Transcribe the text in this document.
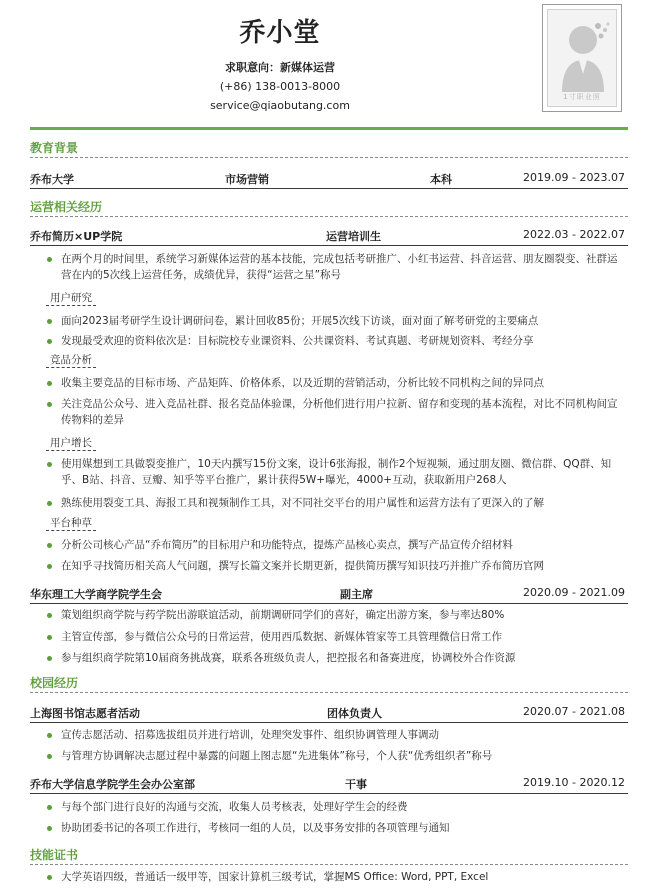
乔小堂
求职意向：新媒体运营
(+86) 138-0013-8000
service@qiaobutang.com
1寸职业照
教育背景
乔布大学	市场营销	本科	2019.09 - 2023.07
运营相关经历
乔布简历×UP学院	运营培训生	2022.03 - 2022.07
在两个月的时间里，系统学习新媒体运营的基本技能，完成包括考研推广、小红书运营、抖音运营、朋友圈裂变、社群运营在内的5次线上运营任务，成绩优异，获得“运营之星”称号
用户研究
面向2023届考研学生设计调研问卷，累计回收85份；开展5次线下访谈，面对面了解考研党的主要痛点
发现最受欢迎的资料依次是：目标院校专业课资料、公共课资料、考试真题、考研规划资料、考经分享
竞品分析
收集主要竞品的目标市场、产品矩阵、价格体系，以及近期的营销活动，分析比较不同机构之间的异同点
关注竞品公众号、进入竞品社群、报名竞品体验课，分析他们进行用户拉新、留存和变现的基本流程，对比不同机构间宣传物料的差异
用户增长
使用媒想到工具做裂变推广，10天内撰写15份文案，设计6张海报，制作2个短视频，通过朋友圈、微信群、QQ群、知乎、B站、抖音、豆瓣、知乎等平台推广，累计获得5W+曝光，4000+互动，获取新用户268人
熟练使用裂变工具、海报工具和视频制作工具，对不同社交平台的用户属性和运营方法有了更深入的了解
平台种草
分析公司核心产品“乔布简历”的目标用户和功能特点，提炼产品核心卖点，撰写产品宣传介绍材料
在知乎寻找简历相关高人气问题，撰写长篇文案并长期更新，提供简历撰写知识技巧并推广乔布简历官网
华东理工大学商学院学生会	副主席	2020.09 - 2021.09
策划组织商学院与药学院出游联谊活动，前期调研同学们的喜好，确定出游方案，参与率达80%
主管宣传部，参与微信公众号的日常运营，使用西瓜数据、新媒体管家等工具管理微信日常工作
参与组织商学院第10届商务挑战赛，联系各班级负责人，把控报名和备赛进度，协调校外合作资源
校园经历
上海图书馆志愿者活动	团体负责人	2020.07 - 2021.08
宣传志愿活动、招募选拔组员并进行培训，处理突发事件、组织协调管理人事调动
与管理方协调解决志愿过程中暴露的问题上图志愿“先进集体”称号，个人获“优秀组织者”称号
乔布大学信息学院学生会办公室部	干事	2019.10 - 2020.12
与每个部门进行良好的沟通与交流，收集人员考核表，处理好学生会的经费
协助团委书记的各项工作进行，考核同一组的人员，以及事务安排的各项管理与通知
技能证书
大学英语四级，普通话一级甲等，国家计算机三级考试，掌握MS Office: Word, PPT, Excel
